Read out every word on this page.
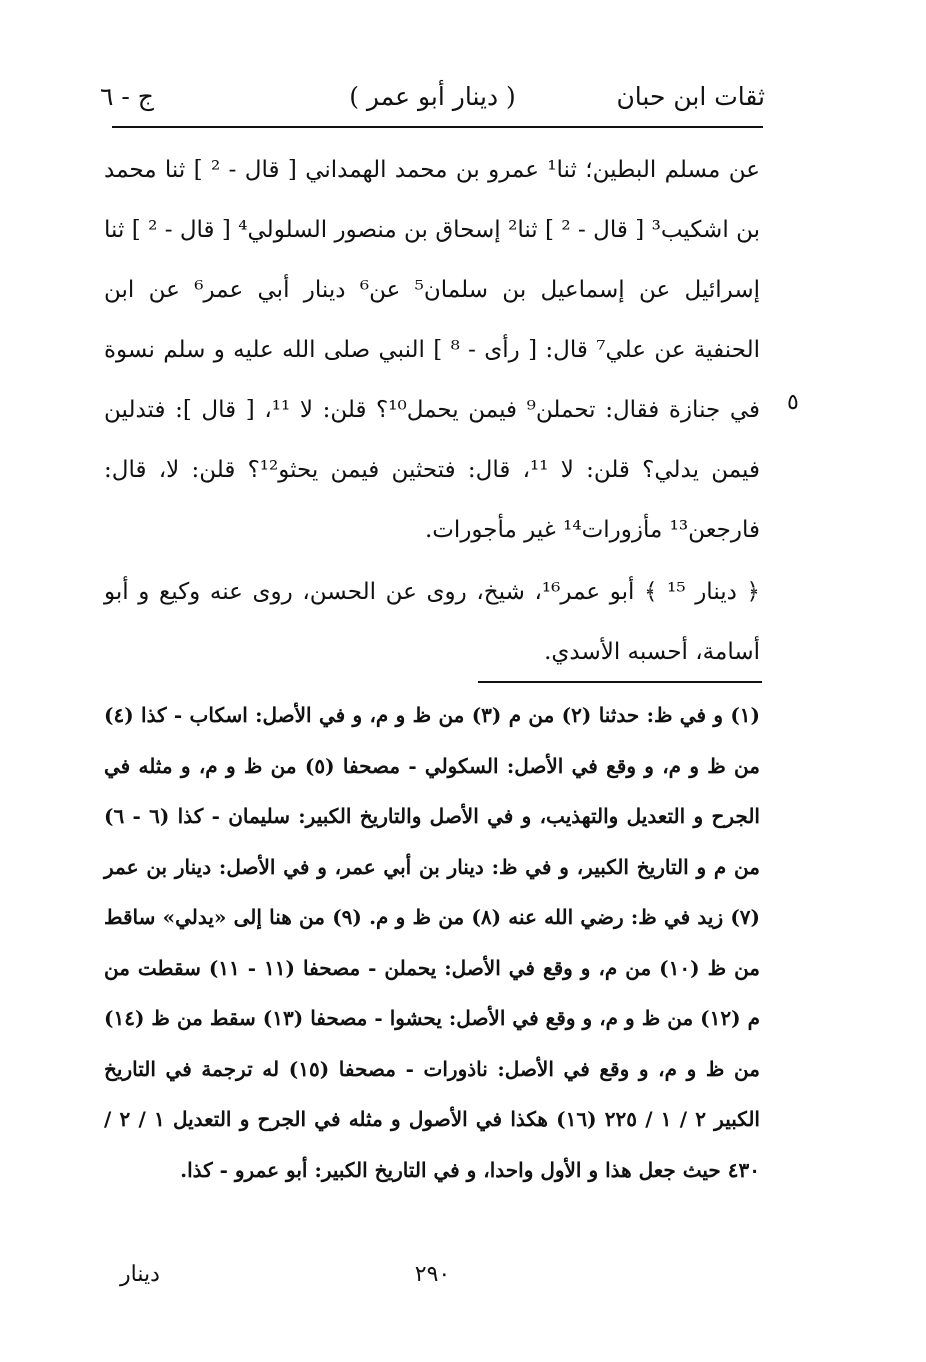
ثقات ابن حبان
( دينار أبو عمر )
ج - ٦
٥

عن مسلم البطين؛ ثنا¹ عمرو بن محمد الهمداني [ قال - ² ] ثنا محمد بن اشكيب³ [ قال - ² ] ثنا² إسحاق بن منصور السلولي⁴ [ قال - ² ] ثنا إسرائيل عن إسماعيل بن سلمان⁵ عن⁶ دينار أبي عمر⁶ عن ابن الحنفية عن علي⁷ قال: [ رأى - ⁸ ] النبي صلى الله عليه و سلم نسوة في جنازة فقال: تحملن⁹ فيمن يحمل¹⁰؟ قلن: لا ¹¹، [ قال ]: فتدلين فيمن يدلي؟ قلن: لا ¹¹، قال: فتحثين فيمن يحثو¹²؟ قلن: لا، قال: فارجعن¹³ مأزورات¹⁴ غير مأجورات.

﴿ دينار ¹⁵ ﴾ أبو عمر¹⁶، شيخ، روى عن الحسن، روى عنه وكيع و أبو أسامة، أحسبه الأسدي.

(١) و في ظ: حدثنا (٢) من م (٣) من ظ و م، و في الأصل: اسكاب - كذا (٤) من ظ و م، و وقع في الأصل: السكولي - مصحفا (٥) من ظ و م، و مثله في الجرح و التعديل والتهذيب، و في الأصل والتاريخ الكبير: سليمان - كذا (٦ - ٦) من م و التاريخ الكبير، و في ظ: دينار بن أبي عمر، و في الأصل: دينار بن عمر (٧) زيد في ظ: رضي الله عنه (٨) من ظ و م. (٩) من هنا إلى «يدلي» ساقط من ظ (١٠) من م، و وقع في الأصل: يحملن - مصحفا (١١ - ١١) سقطت من م (١٢) من ظ و م، و وقع في الأصل: يحشوا - مصحفا (١٣) سقط من ظ (١٤) من ظ و م، و وقع في الأصل: ناذورات - مصحفا (١٥) له ترجمة في التاريخ الكبير ٢ / ١ / ٢٢٥ (١٦) هكذا في الأصول و مثله في الجرح و التعديل ١ / ٢ / ٤٣٠ حيث جعل هذا و الأول واحدا، و في التاريخ الكبير: أبو عمرو - كذا.
٢٩٠
دينار
